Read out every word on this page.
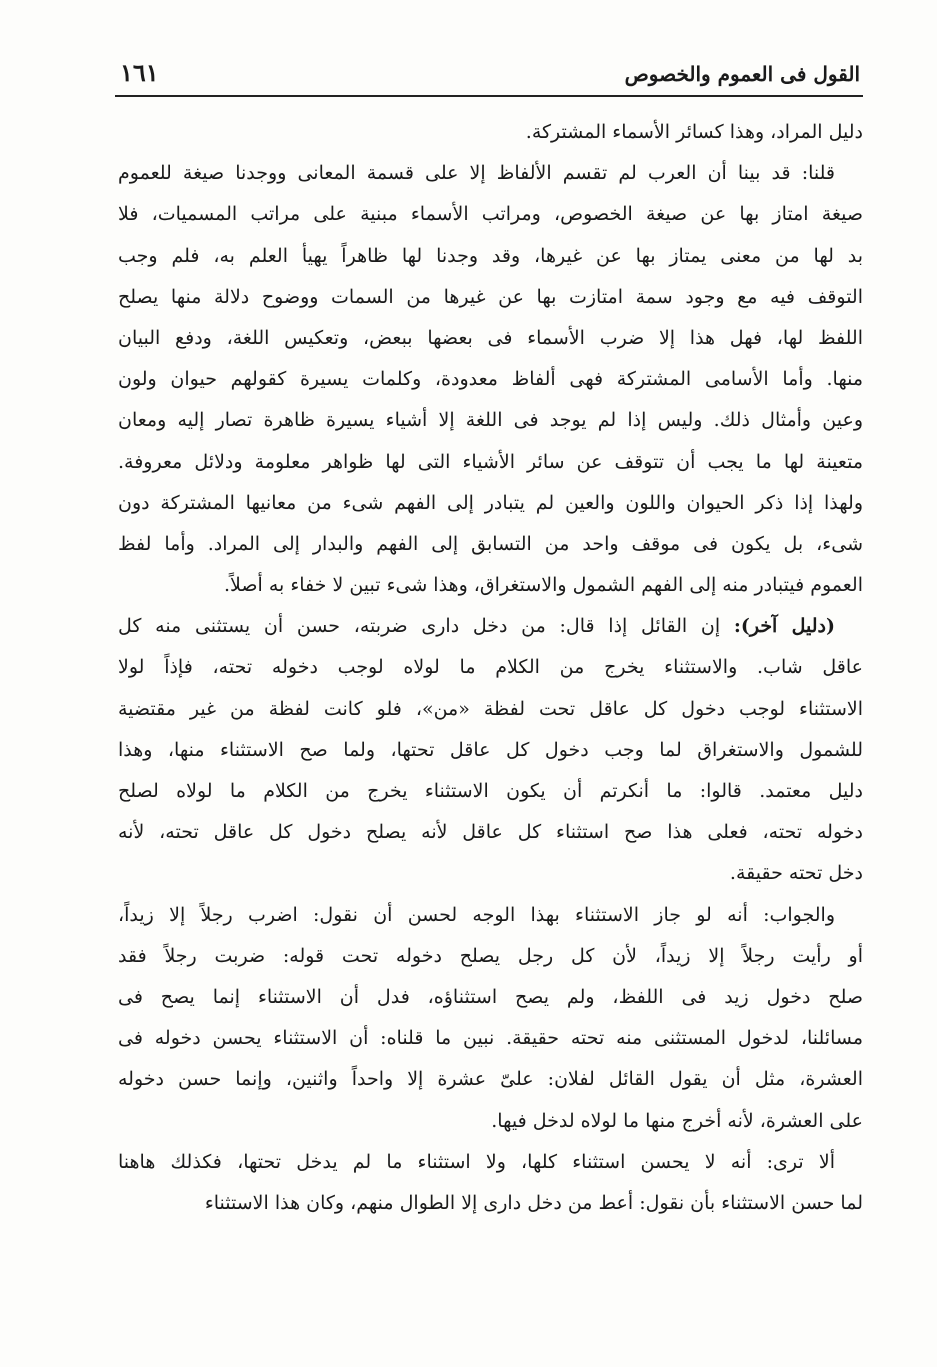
القول فى العموم والخصوص
١٦١

دليل المراد، وهذا كسائر الأسماء المشتركة.

قلنا: قد بينا أن العرب لم تقسم الألفاظ إلا على قسمة المعانى ووجدنا صيغة للعموم
صيغة امتاز بها عن صيغة الخصوص، ومراتب الأسماء مبنية على مراتب المسميات، فلا
بد لها من معنى يمتاز بها عن غيرها، وقد وجدنا لها ظاهراً يهيأ العلم به، فلم وجب
التوقف فيه مع وجود سمة امتازت بها عن غيرها من السمات ووضوح دلالة منها يصلح
اللفظ لها، فهل هذا إلا ضرب الأسماء فى بعضها ببعض، وتعكيس اللغة، ودفع البيان
منها. وأما الأسامى المشتركة فهى ألفاظ معدودة، وكلمات يسيرة كقولهم حيوان ولون
وعين وأمثال ذلك. وليس إذا لم يوجد فى اللغة إلا أشياء يسيرة ظاهرة تصار إليه ومعان
متعينة لها ما يجب أن تتوقف عن سائر الأشياء التى لها ظواهر معلومة ودلائل معروفة.
ولهذا إذا ذكر الحيوان واللون والعين لم يتبادر إلى الفهم شىء من معانيها المشتركة دون
شىء، بل يكون فى موقف واحد من التسابق إلى الفهم والبدار إلى المراد. وأما لفظ
العموم فيتبادر منه إلى الفهم الشمول والاستغراق، وهذا شىء تبين لا خفاء به أصلاً.

(دليل آخر): إن القائل إذا قال: من دخل دارى ضربته، حسن أن يستثنى منه كل
عاقل شاب. والاستثناء يخرج من الكلام ما لولاه لوجب دخوله تحته، فإذاً لولا
الاستثناء لوجب دخول كل عاقل تحت لفظة «من»، فلو كانت لفظة من غير مقتضية
للشمول والاستغراق لما وجب دخول كل عاقل تحتها، ولما صح الاستثناء منها، وهذا
دليل معتمد. قالوا: ما أنكرتم أن يكون الاستثناء يخرج من الكلام ما لولاه لصلح
دخوله تحته، فعلى هذا صح استثناء كل عاقل لأنه يصلح دخول كل عاقل تحته، لأنه
دخل تحته حقيقة.

والجواب: أنه لو جاز الاستثناء بهذا الوجه لحسن أن نقول: اضرب رجلاً إلا زيداً،
أو رأيت رجلاً إلا زيداً، لأن كل رجل يصلح دخوله تحت قوله: ضربت رجلاً فقد
صلح دخول زيد فى اللفظ، ولم يصح استثناؤه، فدل أن الاستثناء إنما يصح فى
مسائلنا، لدخول المستثنى منه تحته حقيقة. نبين ما قلناه: أن الاستثناء يحسن دخوله فى
العشرة، مثل أن يقول القائل لفلان: علىّ عشرة إلا واحداً واثنين، وإنما حسن دخوله
على العشرة، لأنه أخرج منها ما لولاه لدخل فيها.

ألا ترى: أنه لا يحسن استثناء كلها، ولا استثناء ما لم يدخل تحتها، فكذلك هاهنا
لما حسن الاستثناء بأن نقول: أعط من دخل دارى إلا الطوال منهم، وكان هذا الاستثناء
